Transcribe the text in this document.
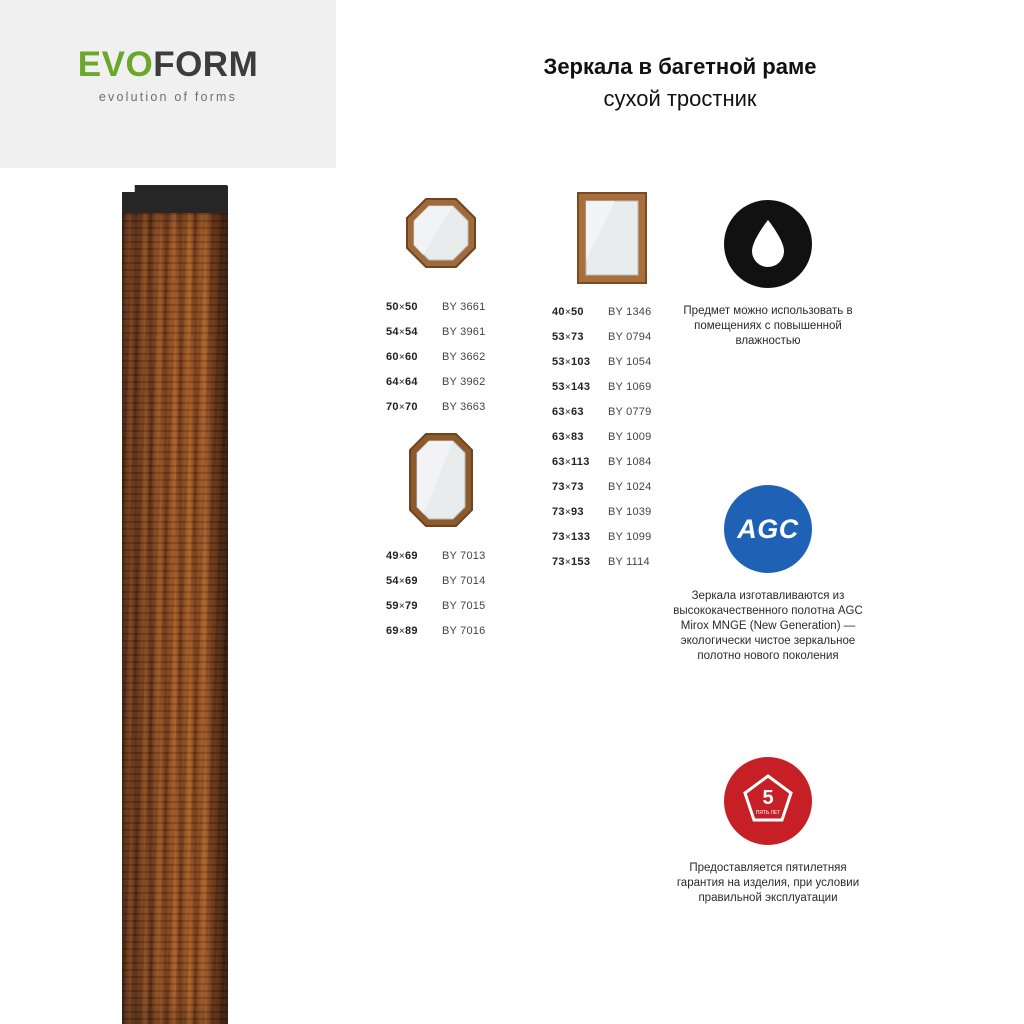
EVOFORM
evolution of forms
Зеркала в багетной раме
сухой тростник
50×50	BY 3661
54×54	BY 3961
60×60	BY 3662
64×64	BY 3962
70×70	BY 3663
49×69	BY 7013
54×69	BY 7014
59×79	BY 7015
69×89	BY 7016
40×50	BY 1346
53×73	BY 0794
53×103	BY 1054
53×143	BY 1069
63×63	BY 0779
63×83	BY 1009
63×113	BY 1084
73×73	BY 1024
73×93	BY 1039
73×133	BY 1099
73×153	BY 1114
Предмет можно использовать в помещениях с повышенной влажностью
AGC
Зеркала изготавливаются из высококачественного полотна AGC Mirox MNGE (New Generation) — экологически чистое зеркальное полотно нового поколения
5
ПЯТЬ ЛЕТ
Предоставляется пятилетняя гарантия на изделия, при условии правильной эксплуатации
